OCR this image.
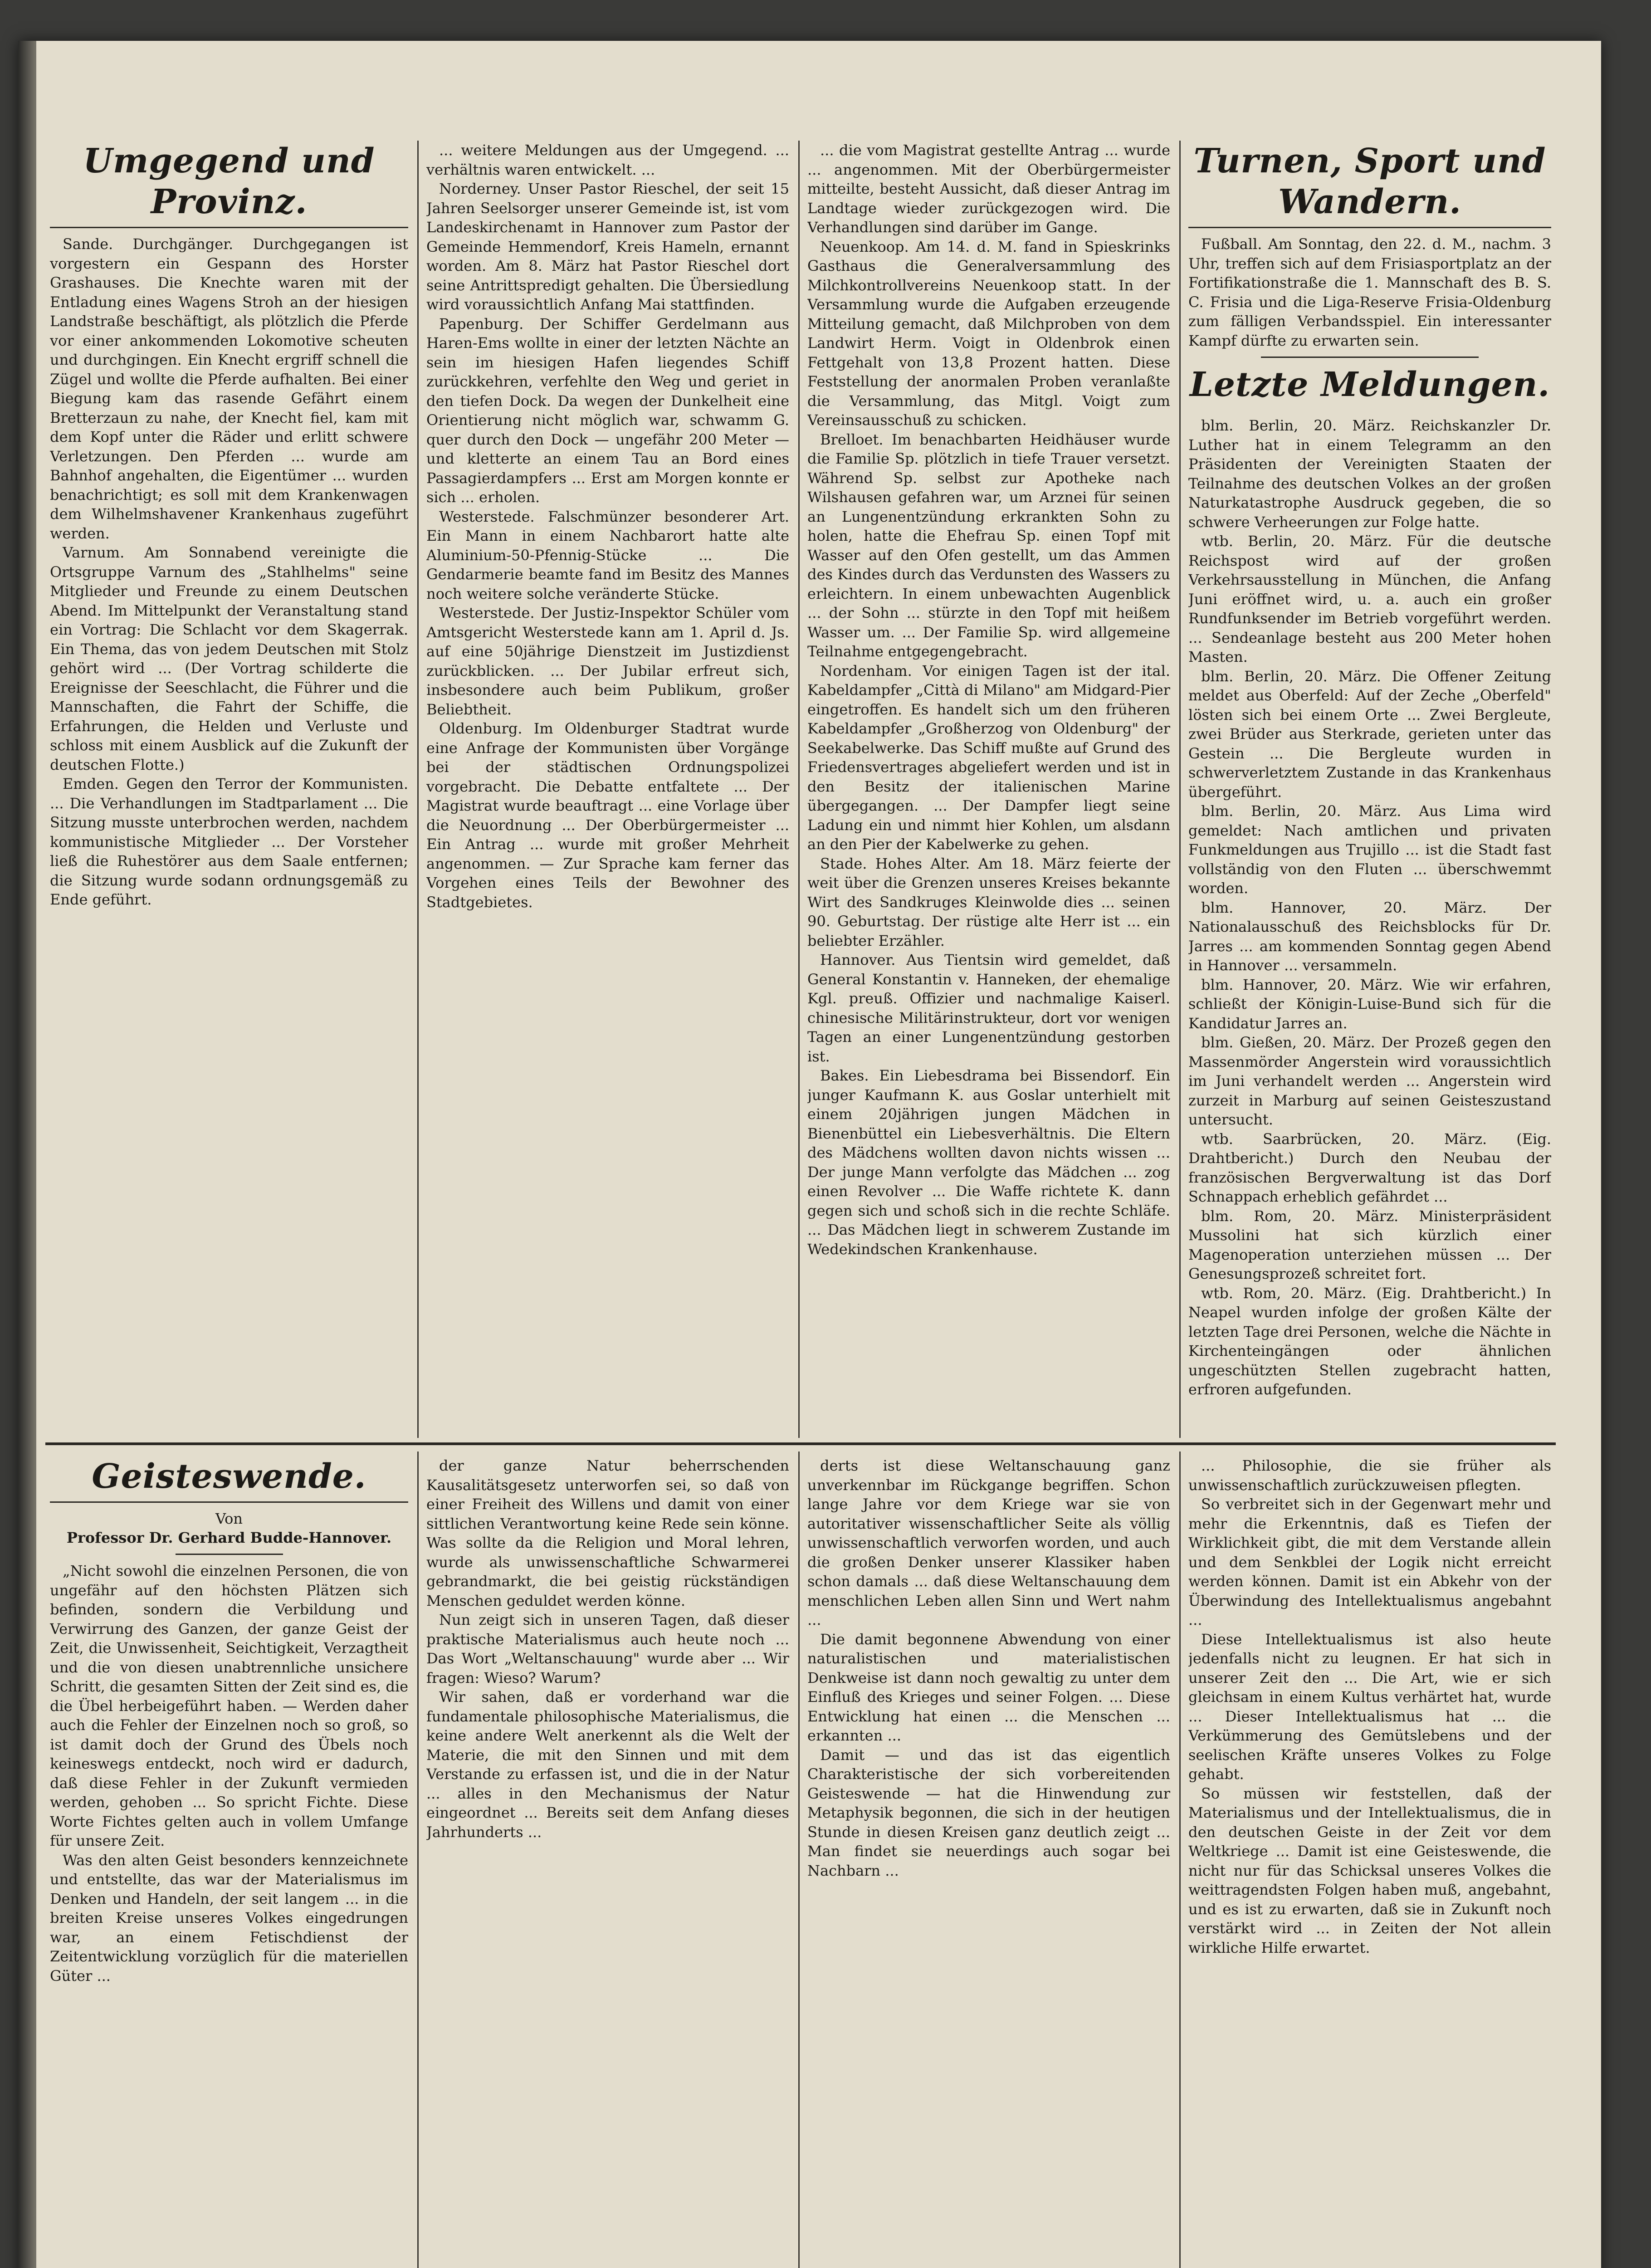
Umgegend und Provinz.

Sande. Durchgänger. Durchgegangen ist vorgestern ein Gespann des Horster Grashauses. Die Knechte waren mit der Entladung eines Wagens Stroh an der hiesigen Landstraße beschäftigt, als plötzlich die Pferde vor einer ankommenden Lokomotive scheuten und durchgingen. Ein Knecht ergriff schnell die Zügel und wollte die Pferde aufhalten. Bei einer Biegung kam das rasende Gefährt einem Bretterzaun zu nahe, der Knecht fiel, kam mit dem Kopf unter die Räder und erlitt schwere Verletzungen. Den Pferden ... wurde am Bahnhof angehalten, die Eigentümer ... wurden benachrichtigt; es soll mit dem Krankenwagen dem Wilhelmshavener Krankenhaus zugeführt werden.

Varnum. Am Sonnabend vereinigte die Ortsgruppe Varnum des „Stahlhelms" seine Mitglieder und Freunde zu einem Deutschen Abend. Im Mittelpunkt der Veranstaltung stand ein Vortrag: Die Schlacht vor dem Skagerrak. Ein Thema, das von jedem Deutschen mit Stolz gehört wird ... (Der Vortrag schilderte die Ereignisse der Seeschlacht, die Führer und die Mannschaften, die Fahrt der Schiffe, die Erfahrungen, die Helden und Verluste und schloss mit einem Ausblick auf die Zukunft der deutschen Flotte.)

Emden. Gegen den Terror der Kommunisten. ... Die Verhandlungen im Stadtparlament ... Die Sitzung musste unterbrochen werden, nachdem kommunistische Mitglieder ... Der Vorsteher ließ die Ruhestörer aus dem Saale entfernen; die Sitzung wurde sodann ordnungsgemäß zu Ende geführt.

... weitere Meldungen aus der Umgegend. ... verhältnis waren entwickelt. ...

Norderney. Unser Pastor Rieschel, der seit 15 Jahren Seelsorger unserer Gemeinde ist, ist vom Landeskirchenamt in Hannover zum Pastor der Gemeinde Hemmendorf, Kreis Hameln, ernannt worden. Am 8. März hat Pastor Rieschel dort seine Antrittspredigt gehalten. Die Übersiedlung wird voraussichtlich Anfang Mai stattfinden.

Papenburg. Der Schiffer Gerdelmann aus Haren-Ems wollte in einer der letzten Nächte an sein im hiesigen Hafen liegendes Schiff zurückkehren, verfehlte den Weg und geriet in den tiefen Dock. Da wegen der Dunkelheit eine Orientierung nicht möglich war, schwamm G. quer durch den Dock — ungefähr 200 Meter — und kletterte an einem Tau an Bord eines Passagierdampfers ... Erst am Morgen konnte er sich ... erholen.

Westerstede. Falschmünzer besonderer Art. Ein Mann in einem Nachbarort hatte alte Aluminium-50-Pfennig-Stücke ... Die Gendarmerie beamte fand im Besitz des Mannes noch weitere solche veränderte Stücke.

Westerstede. Der Justiz-Inspektor Schüler vom Amtsgericht Westerstede kann am 1. April d. Js. auf eine 50jährige Dienstzeit im Justizdienst zurückblicken. ... Der Jubilar erfreut sich, insbesondere auch beim Publikum, großer Beliebtheit.

Oldenburg. Im Oldenburger Stadtrat wurde eine Anfrage der Kommunisten über Vorgänge bei der städtischen Ordnungspolizei vorgebracht. Die Debatte entfaltete ... Der Magistrat wurde beauftragt ... eine Vorlage über die Neuordnung ... Der Oberbürgermeister ... Ein Antrag ... wurde mit großer Mehrheit angenommen. — Zur Sprache kam ferner das Vorgehen eines Teils der Bewohner des Stadtgebietes.

... die vom Magistrat gestellte Antrag ... wurde ... angenommen. Mit der Oberbürgermeister mitteilte, besteht Aussicht, daß dieser Antrag im Landtage wieder zurückgezogen wird. Die Verhandlungen sind darüber im Gange.

Neuenkoop. Am 14. d. M. fand in Spieskrinks Gasthaus die Generalversammlung des Milchkontrollvereins Neuenkoop statt. In der Versammlung wurde die Aufgaben erzeugende Mitteilung gemacht, daß Milchproben von dem Landwirt Herm. Voigt in Oldenbrok einen Fettgehalt von 13,8 Prozent hatten. Diese Feststellung der anormalen Proben veranlaßte die Versammlung, das Mitgl. Voigt zum Vereinsausschuß zu schicken.

Brelloet. Im benachbarten Heidhäuser wurde die Familie Sp. plötzlich in tiefe Trauer versetzt. Während Sp. selbst zur Apotheke nach Wilshausen gefahren war, um Arznei für seinen an Lungenentzündung erkrankten Sohn zu holen, hatte die Ehefrau Sp. einen Topf mit Wasser auf den Ofen gestellt, um das Ammen des Kindes durch das Verdunsten des Wassers zu erleichtern. In einem unbewachten Augenblick ... der Sohn ... stürzte in den Topf mit heißem Wasser um. ... Der Familie Sp. wird allgemeine Teilnahme entgegengebracht.

Nordenham. Vor einigen Tagen ist der ital. Kabeldampfer „Città di Milano" am Midgard-Pier eingetroffen. Es handelt sich um den früheren Kabeldampfer „Großherzog von Oldenburg" der Seekabelwerke. Das Schiff mußte auf Grund des Friedensvertrages abgeliefert werden und ist in den Besitz der italienischen Marine übergegangen. ... Der Dampfer liegt seine Ladung ein und nimmt hier Kohlen, um alsdann an den Pier der Kabelwerke zu gehen.

Stade. Hohes Alter. Am 18. März feierte der weit über die Grenzen unseres Kreises bekannte Wirt des Sandkruges Kleinwolde dies ... seinen 90. Geburtstag. Der rüstige alte Herr ist ... ein beliebter Erzähler.

Hannover. Aus Tientsin wird gemeldet, daß General Konstantin v. Hanneken, der ehemalige Kgl. preuß. Offizier und nachmalige Kaiserl. chinesische Militärinstrukteur, dort vor wenigen Tagen an einer Lungenentzündung gestorben ist.

Bakes. Ein Liebesdrama bei Bissendorf. Ein junger Kaufmann K. aus Goslar unterhielt mit einem 20jährigen jungen Mädchen in Bienenbüttel ein Liebesverhältnis. Die Eltern des Mädchens wollten davon nichts wissen ... Der junge Mann verfolgte das Mädchen ... zog einen Revolver ... Die Waffe richtete K. dann gegen sich und schoß sich in die rechte Schläfe. ... Das Mädchen liegt in schwerem Zustande im Wedekindschen Krankenhause.

Turnen, Sport und Wandern.

Fußball. Am Sonntag, den 22. d. M., nachm. 3 Uhr, treffen sich auf dem Frisiasportplatz an der Fortifikationstraße die 1. Mannschaft des B. S. C. Frisia und die Liga-Reserve Frisia-Oldenburg zum fälligen Verbandsspiel. Ein interessanter Kampf dürfte zu erwarten sein.

Letzte Meldungen.

blm. Berlin, 20. März. Reichskanzler Dr. Luther hat in einem Telegramm an den Präsidenten der Vereinigten Staaten der Teilnahme des deutschen Volkes an der großen Naturkatastrophe Ausdruck gegeben, die so schwere Verheerungen zur Folge hatte.

wtb. Berlin, 20. März. Für die deutsche Reichspost wird auf der großen Verkehrsausstellung in München, die Anfang Juni eröffnet wird, u. a. auch ein großer Rundfunksender im Betrieb vorgeführt werden. ... Sendeanlage besteht aus 200 Meter hohen Masten.

blm. Berlin, 20. März. Die Offener Zeitung meldet aus Oberfeld: Auf der Zeche „Oberfeld" lösten sich bei einem Orte ... Zwei Bergleute, zwei Brüder aus Sterkrade, gerieten unter das Gestein ... Die Bergleute wurden in schwerverletztem Zustande in das Krankenhaus übergeführt.

blm. Berlin, 20. März. Aus Lima wird gemeldet: Nach amtlichen und privaten Funkmeldungen aus Trujillo ... ist die Stadt fast vollständig von den Fluten ... überschwemmt worden.

blm. Hannover, 20. März. Der Nationalausschuß des Reichsblocks für Dr. Jarres ... am kommenden Sonntag gegen Abend in Hannover ... versammeln.

blm. Hannover, 20. März. Wie wir erfahren, schließt der Königin-Luise-Bund sich für die Kandidatur Jarres an.

blm. Gießen, 20. März. Der Prozeß gegen den Massenmörder Angerstein wird voraussichtlich im Juni verhandelt werden ... Angerstein wird zurzeit in Marburg auf seinen Geisteszustand untersucht.

wtb. Saarbrücken, 20. März. (Eig. Drahtbericht.) Durch den Neubau der französischen Bergverwaltung ist das Dorf Schnappach erheblich gefährdet ...

blm. Rom, 20. März. Ministerpräsident Mussolini hat sich kürzlich einer Magenoperation unterziehen müssen ... Der Genesungsprozeß schreitet fort.

wtb. Rom, 20. März. (Eig. Drahtbericht.) In Neapel wurden infolge der großen Kälte der letzten Tage drei Personen, welche die Nächte in Kirchenteingängen oder ähnlichen ungeschützten Stellen zugebracht hatten, erfroren aufgefunden.

Geisteswende.
Von
Professor Dr. Gerhard Budde-Hannover.

„Nicht sowohl die einzelnen Personen, die von ungefähr auf den höchsten Plätzen sich befinden, sondern die Verbildung und Verwirrung des Ganzen, der ganze Geist der Zeit, die Unwissenheit, Seichtigkeit, Verzagtheit und die von diesen unabtrennliche unsichere Schritt, die gesamten Sitten der Zeit sind es, die die Übel herbeigeführt haben. — Werden daher auch die Fehler der Einzelnen noch so groß, so ist damit doch der Grund des Übels noch keineswegs entdeckt, noch wird er dadurch, daß diese Fehler in der Zukunft vermieden werden, gehoben ... So spricht Fichte. Diese Worte Fichtes gelten auch in vollem Umfange für unsere Zeit.

Was den alten Geist besonders kennzeichnete und entstellte, das war der Materialismus im Denken und Handeln, der seit langem ... in die breiten Kreise unseres Volkes eingedrungen war, an einem Fetischdienst der Zeitentwicklung vorzüglich für die materiellen Güter ...

der ganze Natur beherrschenden Kausalitätsgesetz unterworfen sei, so daß von einer Freiheit des Willens und damit von einer sittlichen Verantwortung keine Rede sein könne. Was sollte da die Religion und Moral lehren, wurde als unwissenschaftliche Schwarmerei gebrandmarkt, die bei geistig rückständigen Menschen geduldet werden könne.

Nun zeigt sich in unseren Tagen, daß dieser praktische Materialismus auch heute noch ... Das Wort „Weltanschauung" wurde aber ... Wir fragen: Wieso? Warum?

Wir sahen, daß er vorderhand war die fundamentale philosophische Materialismus, die keine andere Welt anerkennt als die Welt der Materie, die mit den Sinnen und mit dem Verstande zu erfassen ist, und die in der Natur ... alles in den Mechanismus der Natur eingeordnet ... Bereits seit dem Anfang dieses Jahrhunderts ...

derts ist diese Weltanschauung ganz unverkennbar im Rückgange begriffen. Schon lange Jahre vor dem Kriege war sie von autoritativer wissenschaftlicher Seite als völlig unwissenschaftlich verworfen worden, und auch die großen Denker unserer Klassiker haben schon damals ... daß diese Weltanschauung dem menschlichen Leben allen Sinn und Wert nahm ...

Die damit begonnene Abwendung von einer naturalistischen und materialistischen Denkweise ist dann noch gewaltig zu unter dem Einfluß des Krieges und seiner Folgen. ... Diese Entwicklung hat einen ... die Menschen ... erkannten ...

Damit — und das ist das eigentlich Charakteristische der sich vorbereitenden Geisteswende — hat die Hinwendung zur Metaphysik begonnen, die sich in der heutigen Stunde in diesen Kreisen ganz deutlich zeigt ... Man findet sie neuerdings auch sogar bei Nachbarn ...

... Philosophie, die sie früher als unwissenschaftlich zurückzuweisen pflegten.

So verbreitet sich in der Gegenwart mehr und mehr die Erkenntnis, daß es Tiefen der Wirklichkeit gibt, die mit dem Verstande allein und dem Senkblei der Logik nicht erreicht werden können. Damit ist ein Abkehr von der Überwindung des Intellektualismus angebahnt ...

Diese Intellektualismus ist also heute jedenfalls nicht zu leugnen. Er hat sich in unserer Zeit den ... Die Art, wie er sich gleichsam in einem Kultus verhärtet hat, wurde ... Dieser Intellektualismus hat ... die Verkümmerung des Gemütslebens und der seelischen Kräfte unseres Volkes zu Folge gehabt.

So müssen wir feststellen, daß der Materialismus und der Intellektualismus, die in den deutschen Geiste in der Zeit vor dem Weltkriege ... Damit ist eine Geisteswende, die nicht nur für das Schicksal unseres Volkes die weittragendsten Folgen haben muß, angebahnt, und es ist zu erwarten, daß sie in Zukunft noch verstärkt wird ... in Zeiten der Not allein wirkliche Hilfe erwartet.
